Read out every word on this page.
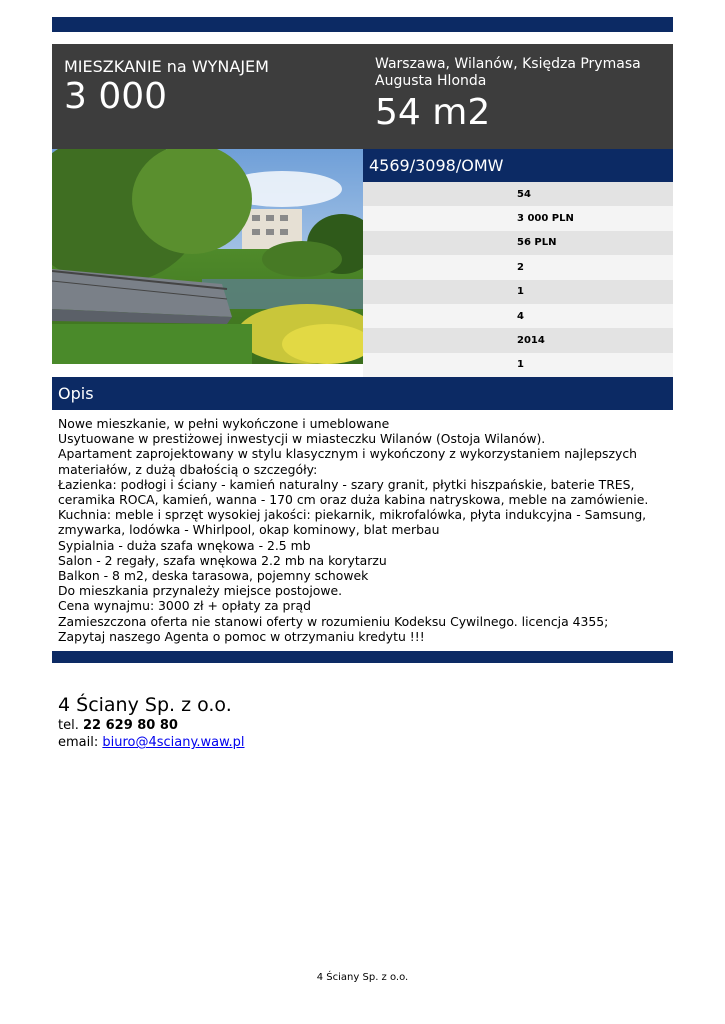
MIESZKANIE na WYNAJEM
3 000
Warszawa, Wilanów, Księdza Prymasa Augusta Hlonda
54 m2
4569/3098/OMW
54
3 000 PLN
56 PLN
2
1
4
2014
1
Opis
Nowe mieszkanie, w pełni wykończone i umeblowane
Usytuowane w prestiżowej inwestycji w miasteczku Wilanów (Ostoja Wilanów).
Apartament zaprojektowany w stylu klasycznym i wykończony z wykorzystaniem najlepszych
materiałów, z dużą dbałością o szczegóły:
Łazienka: podłogi i ściany - kamień naturalny - szary granit, płytki hiszpańskie, baterie TRES,
ceramika ROCA, kamień, wanna - 170 cm oraz duża kabina natryskowa, meble na zamówienie.
Kuchnia: meble i sprzęt wysokiej jakości: piekarnik, mikrofalówka, płyta indukcyjna - Samsung,
zmywarka, lodówka - Whirlpool, okap kominowy, blat merbau
Sypialnia - duża szafa wnękowa - 2.5 mb
Salon - 2 regały, szafa wnękowa 2.2 mb na korytarzu
Balkon - 8 m2, deska tarasowa, pojemny schowek
Do mieszkania przynależy miejsce postojowe.
Cena wynajmu: 3000 zł + opłaty za prąd
Zamieszczona oferta nie stanowi oferty w rozumieniu Kodeksu Cywilnego. licencja 4355;
Zapytaj naszego Agenta o pomoc w otrzymaniu kredytu !!!
4 Ściany Sp. z o.o.
tel. 22 629 80 80
email: biuro@4sciany.waw.pl
4 Ściany Sp. z o.o.
